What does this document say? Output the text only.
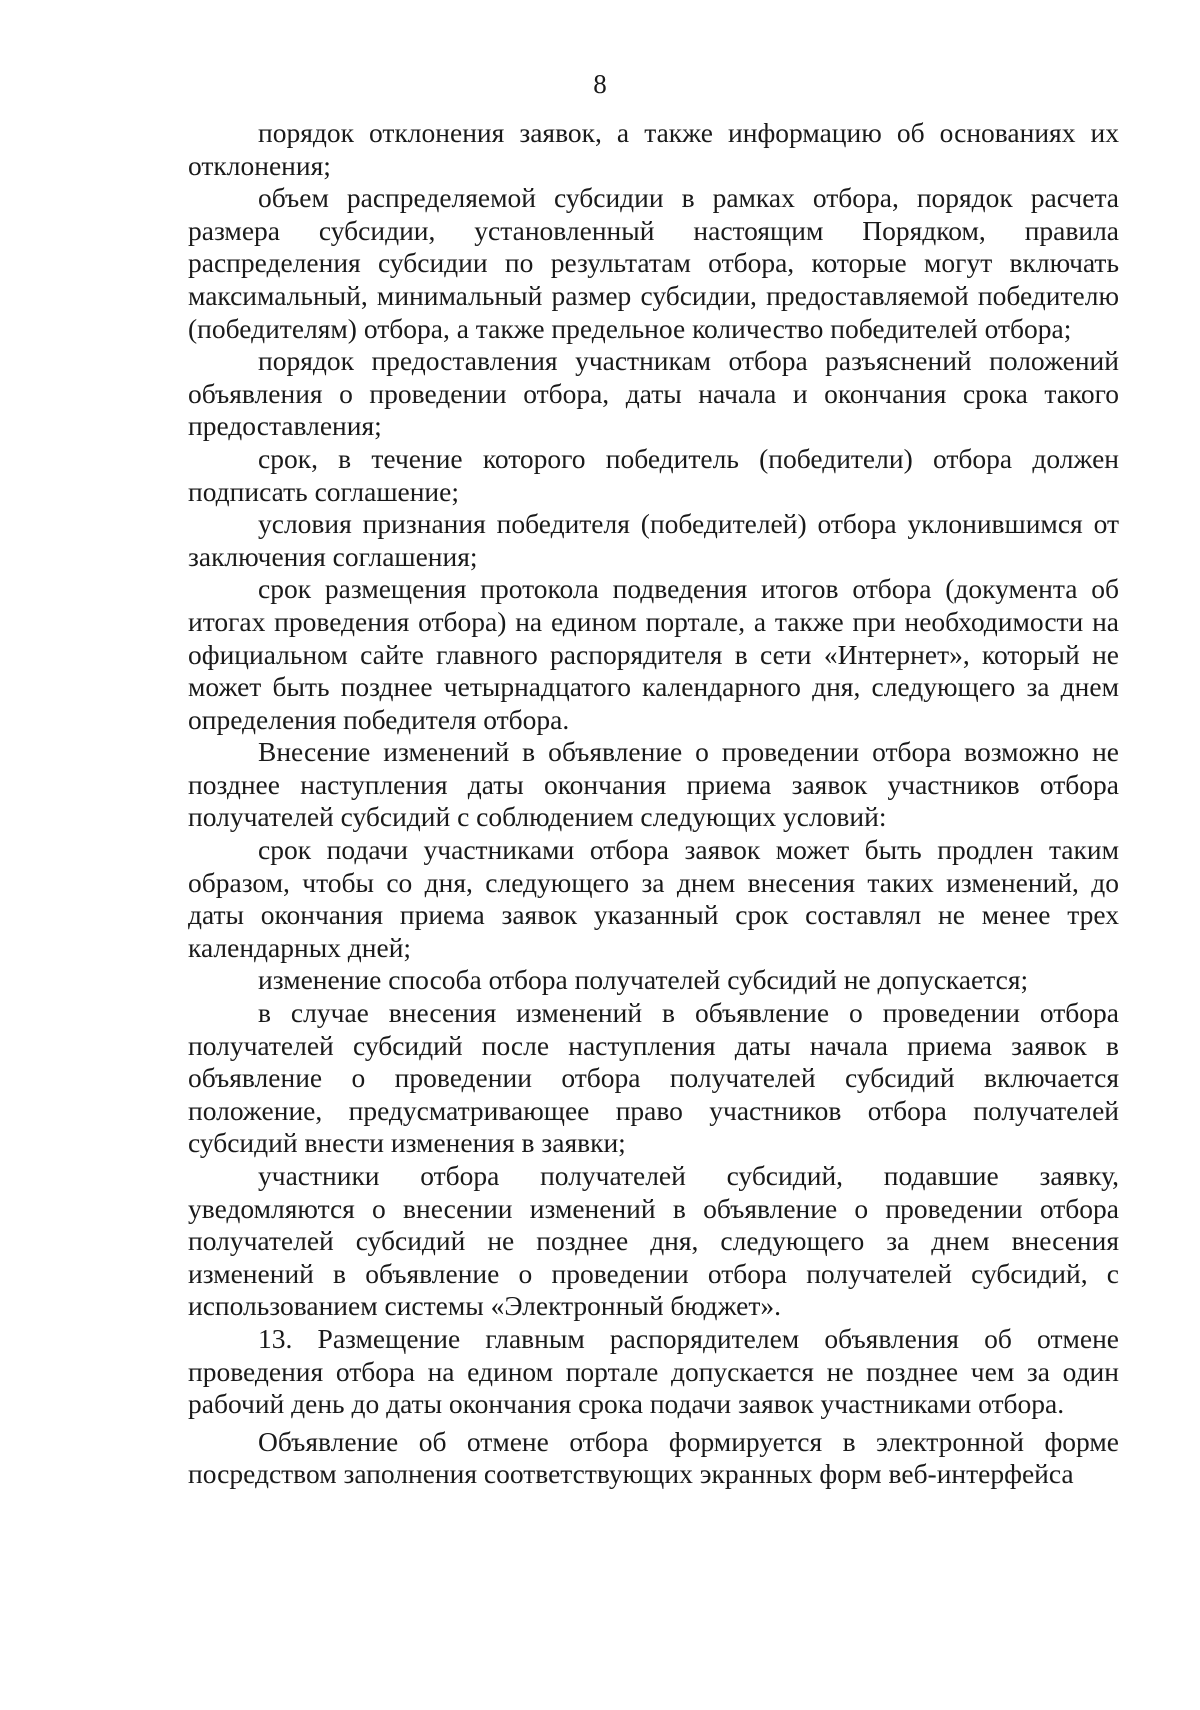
8

порядок отклонения заявок, а также информацию об основаниях их отклонения;

объем распределяемой субсидии в рамках отбора, порядок расчета размера субсидии, установленный настоящим Порядком, правила распределения субсидии по результатам отбора, которые могут включать максимальный, минимальный размер субсидии, предоставляемой победителю (победителям) отбора, а также предельное количество победителей отбора;

порядок предоставления участникам отбора разъяснений положений объявления о проведении отбора, даты начала и окончания срока такого предоставления;

срок, в течение которого победитель (победители) отбора должен подписать соглашение;

условия признания победителя (победителей) отбора уклонившимся от заключения соглашения;

срок размещения протокола подведения итогов отбора (документа об итогах проведения отбора) на едином портале, а также при необходимости на официальном сайте главного распорядителя в сети «Интернет», который не может быть позднее четырнадцатого календарного дня, следующего за днем определения победителя отбора.

Внесение изменений в объявление о проведении отбора возможно не позднее наступления даты окончания приема заявок участников отбора получателей субсидий с соблюдением следующих условий:

срок подачи участниками отбора заявок может быть продлен таким образом, чтобы со дня, следующего за днем внесения таких изменений, до даты окончания приема заявок указанный срок составлял не менее трех календарных дней;

изменение способа отбора получателей субсидий не допускается;

в случае внесения изменений в объявление о проведении отбора получателей субсидий после наступления даты начала приема заявок в объявление о проведении отбора получателей субсидий включается положение, предусматривающее право участников отбора получателей субсидий внести изменения в заявки;

участники отбора получателей субсидий, подавшие заявку, уведомляются о внесении изменений в объявление о проведении отбора получателей субсидий не позднее дня, следующего за днем внесения изменений в объявление о проведении отбора получателей субсидий, с использованием системы «Электронный бюджет».

13. Размещение главным распорядителем объявления об отмене проведения отбора на едином портале допускается не позднее чем за один рабочий день до даты окончания срока подачи заявок участниками отбора.

Объявление об отмене отбора формируется в электронной форме посредством заполнения соответствующих экранных форм веб-интерфейса
